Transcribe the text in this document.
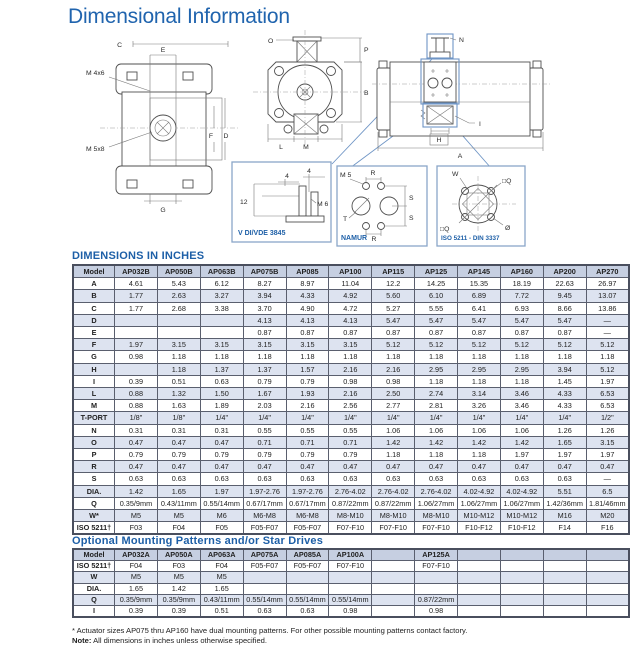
Dimensional Information
C
E
F D
M 4x6
M 5x8
G
O
P
B
L	M
N
H
I
A
12
4
4
M 6
V DI/VDE 3845
M 5	R
S
S
T
R
NAMUR
W
□Q
□Q	Ø
ISO 5211 - DIN 3337
DIMENSIONS IN INCHES
Model	AP032B	AP050B	AP063B	AP075B	AP085	AP100	AP115	AP125	AP145	AP160	AP200	AP270
A	4.61	5.43	6.12	8.27	8.97	11.04	12.2	14.25	15.35	18.19	22.63	26.97
B	1.77	2.63	3.27	3.94	4.33	4.92	5.60	6.10	6.89	7.72	9.45	13.07
C	1.77	2.68	3.38	3.70	4.90	4.72	5.27	5.55	6.41	6.93	8.66	13.86
D				4.13	4.13	4.13	5.47	5.47	5.47	5.47	5.47	—
E				0.87	0.87	0.87	0.87	0.87	0.87	0.87	0.87	—
F	1.97	3.15	3.15	3.15	3.15	3.15	5.12	5.12	5.12	5.12	5.12	5.12
G	0.98	1.18	1.18	1.18	1.18	1.18	1.18	1.18	1.18	1.18	1.18	1.18
H		1.18	1.37	1.37	1.57	2.16	2.16	2.95	2.95	2.95	3.94	5.12
I	0.39	0.51	0.63	0.79	0.79	0.98	0.98	1.18	1.18	1.18	1.45	1.97
L	0.88	1.32	1.50	1.67	1.93	2.16	2.50	2.74	3.14	3.46	4.33	6.53
M	0.88	1.63	1.89	2.03	2.16	2.56	2.77	2.81	3.26	3.46	4.33	6.53
T-PORT	1/8"	1/8"	1/4"	1/4"	1/4"	1/4"	1/4"	1/4"	1/4"	1/4"	1/4"	1/2"
N	0.31	0.31	0.31	0.55	0.55	0.55	1.06	1.06	1.06	1.06	1.26	1.26
O	0.47	0.47	0.47	0.71	0.71	0.71	1.42	1.42	1.42	1.42	1.65	3.15
P	0.79	0.79	0.79	0.79	0.79	0.79	1.18	1.18	1.18	1.97	1.97	1.97
R	0.47	0.47	0.47	0.47	0.47	0.47	0.47	0.47	0.47	0.47	0.47	0.47
S	0.63	0.63	0.63	0.63	0.63	0.63	0.63	0.63	0.63	0.63	0.63	—
DIA.	1.42	1.65	1.97	1.97-2.76	1.97-2.76	2.76-4.02	2.76-4.02	2.76-4.02	4.02-4.92	4.02-4.92	5.51	6.5
Q	0.35/9mm	0.43/11mm	0.55/14mm	0.67/17mm	0.67/17mm	0.87/22mm	0.87/22mm	1.06/27mm	1.06/27mm	1.06/27mm	1.42/36mm	1.81/46mm
W*	M5	M5	M6	M6-M8	M6-M8	M8-M10	M8-M10	M8-M10	M10-M12	M10-M12	M16	M20
ISO 5211†	F03	F04	F05	F05-F07	F05-F07	F07-F10	F07-F10	F07-F10	F10-F12	F10-F12	F14	F16
Optional Mounting Patterns and/or Star Drives
Model	AP032A	AP050A	AP063A	AP075A	AP085A	AP100A		AP125A				
ISO 5211†	F04	F03	F04	F05-F07	F05-F07	F07-F10		F07-F10				
W	M5	M5	M5									
DIA.	1.65	1.42	1.65									
Q	0.35/9mm	0.35/9mm	0.43/11mm	0.55/14mm	0.55/14mm	0.55/14mm		0.87/22mm				
I	0.39	0.39	0.51	0.63	0.63	0.98		0.98				
* Actuator sizes AP075 thru AP160 have dual mounting patterns. For other possible mounting patterns contact factory.
Note: All dimensions in inches unless otherwise specified.
